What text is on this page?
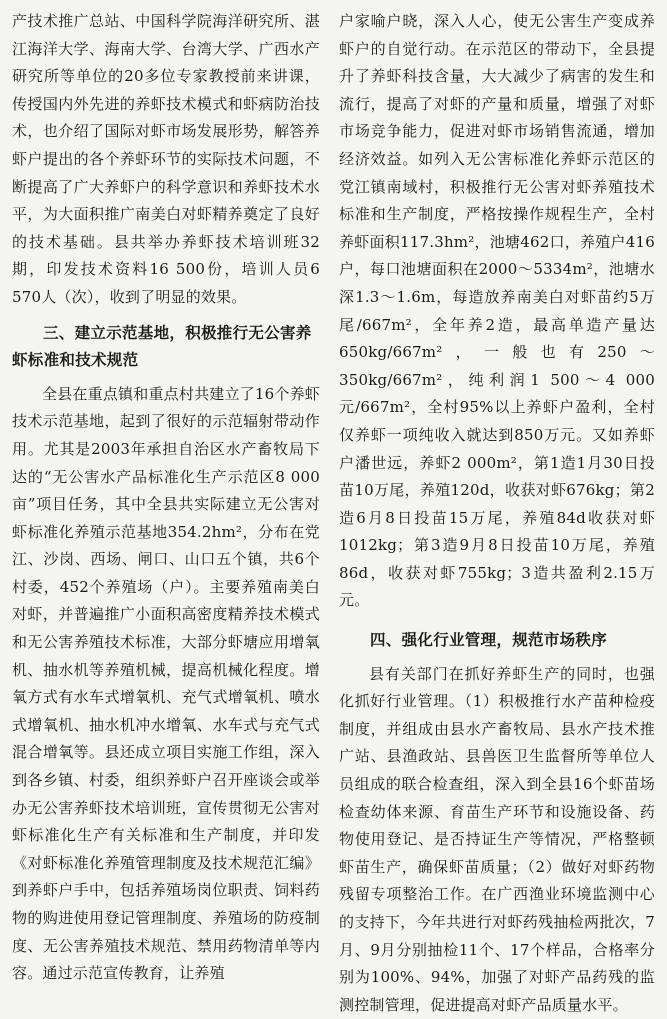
产技术推广总站、中国科学院海洋研究所、湛江海洋大学、海南大学、台湾大学、广西水产研究所等单位的20多位专家教授前来讲课，传授国内外先进的养虾技术模式和虾病防治技术，也介绍了国际对虾市场发展形势，解答养虾户提出的各个养虾环节的实际技术问题，不断提高了广大养虾户的科学意识和养虾技术水平，为大面积推广南美白对虾精养奠定了良好的技术基础。县共举办养虾技术培训班32期，印发技术资料16 500份，培训人员6 570人（次），收到了明显的效果。

三、建立示范基地，积极推行无公害养虾标准和技术规范

全县在重点镇和重点村共建立了16个养虾技术示范基地，起到了很好的示范辐射带动作用。尤其是2003年承担自治区水产畜牧局下达的“无公害水产品标准化生产示范区8 000亩”项目任务，其中全县共实际建立无公害对虾标准化养殖示范基地354.2hm²，分布在党江、沙岗、西场、闸口、山口五个镇，共6个村委，452个养殖场（户）。主要养殖南美白对虾，并普遍推广小面积高密度精养技术模式和无公害养殖技术标准，大部分虾塘应用增氧机、抽水机等养殖机械，提高机械化程度。增氧方式有水车式增氧机、充气式增氧机、喷水式增氧机、抽水机冲水增氧、水车式与充气式混合增氧等。县还成立项目实施工作组，深入到各乡镇、村委，组织养虾户召开座谈会或举办无公害养虾技术培训班，宣传贯彻无公害对虾标准化生产有关标准和生产制度，并印发《对虾标准化养殖管理制度及技术规范汇编》到养虾户手中，包括养殖场岗位职责、饲料药物的购进使用登记管理制度、养殖场的防疫制度、无公害养殖技术规范、禁用药物清单等内容。通过示范宣传教育，让养殖

户家喻户晓，深入人心，使无公害生产变成养虾户的自觉行动。在示范区的带动下，全县提升了养虾科技含量，大大减少了病害的发生和流行，提高了对虾的产量和质量，增强了对虾市场竞争能力，促进对虾市场销售流通，增加经济效益。如列入无公害标准化养虾示范区的党江镇南域村，积极推行无公害对虾养殖技术标准和生产制度，严格按操作规程生产，全村养虾面积117.3hm²，池塘462口，养殖户416户，每口池塘面积在2000～5334m²，池塘水深1.3～1.6m，每造放养南美白对虾苗约5万尾/667m²，全年养2造，最高单造产量达650kg/667m²，一般也有250～350kg/667m²，纯利润1 500～4 000元/667m²，全村95%以上养虾户盈利，全村仅养虾一项纯收入就达到850万元。又如养虾户潘世远，养虾2 000m²，第1造1月30日投苗10万尾，养殖120d，收获对虾676kg；第2造6月8日投苗15万尾，养殖84d收获对虾1012kg；第3造9月8日投苗10万尾，养殖86d，收获对虾755kg；3造共盈利2.15万元。

四、强化行业管理，规范市场秩序

县有关部门在抓好养虾生产的同时，也强化抓好行业管理。（1）积极推行水产苗种检疫制度，并组成由县水产畜牧局、县水产技术推广站、县渔政站、县兽医卫生监督所等单位人员组成的联合检查组，深入到全县16个虾苗场检查幼体来源、育苗生产环节和设施设备、药物使用登记、是否持证生产等情况，严格整顿虾苗生产，确保虾苗质量；（2）做好对虾药物残留专项整治工作。在广西渔业环境监测中心的支持下，今年共进行对虾药残抽检两批次，7月、9月分别抽检11个、17个样品，合格率分别为100%、94%，加强了对虾产品药残的监测控制管理，促进提高对虾产品质量水平。
